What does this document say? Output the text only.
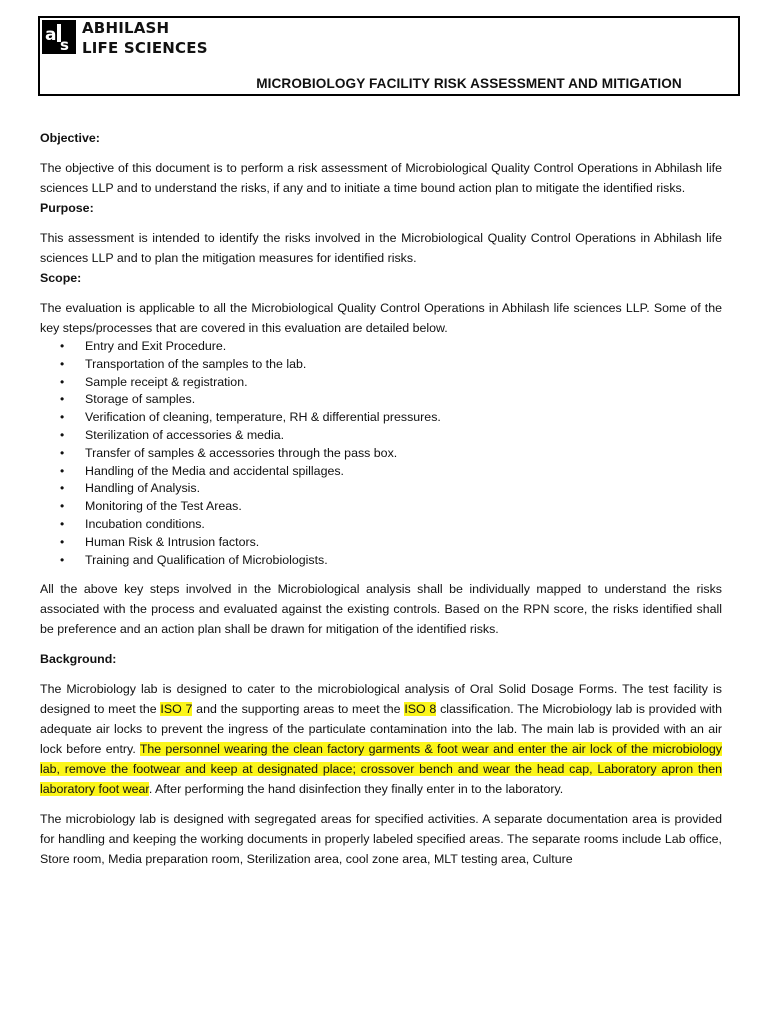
a s
ABHILASH
LIFE SCIENCES
MICROBIOLOGY FACILITY RISK ASSESSMENT AND MITIGATION

Objective:

The objective of this document is to perform a risk assessment of Microbiological Quality Control Operations in Abhilash life sciences LLP and to understand the risks, if any and to initiate a time bound action plan to mitigate the identified risks.

Purpose:

This assessment is intended to identify the risks involved in the Microbiological Quality Control Operations in Abhilash life sciences LLP and to plan the mitigation measures for identified risks.

Scope:

The evaluation is applicable to all the Microbiological Quality Control Operations in Abhilash life sciences LLP. Some of the key steps/processes that are covered in this evaluation are detailed below.

• Entry and Exit Procedure.
• Transportation of the samples to the lab.
• Sample receipt & registration.
• Storage of samples.
• Verification of cleaning, temperature, RH & differential pressures.
• Sterilization of accessories & media.
• Transfer of samples & accessories through the pass box.
• Handling of the Media and accidental spillages.
• Handling of Analysis.
• Monitoring of the Test Areas.
• Incubation conditions.
• Human Risk & Intrusion factors.
• Training and Qualification of Microbiologists.

All the above key steps involved in the Microbiological analysis shall be individually mapped to understand the risks associated with the process and evaluated against the existing controls. Based on the RPN score, the risks identified shall be preference and an action plan shall be drawn for mitigation of the identified risks.

Background:

The Microbiology lab is designed to cater to the microbiological analysis of Oral Solid Dosage Forms. The test facility is designed to meet the ISO 7 and the supporting areas to meet the ISO 8 classification. The Microbiology lab is provided with adequate air locks to prevent the ingress of the particulate contamination into the lab. The main lab is provided with an air lock before entry. The personnel wearing the clean factory garments & foot wear and enter the air lock of the microbiology lab, remove the footwear and keep at designated place; crossover bench and wear the head cap, Laboratory apron then laboratory foot wear. After performing the hand disinfection they finally enter in to the laboratory.

The microbiology lab is designed with segregated areas for specified activities. A separate documentation area is provided for handling and keeping the working documents in properly labeled specified areas. The separate rooms include Lab office, Store room, Media preparation room, Sterilization area, cool zone area, MLT testing area, Culture
